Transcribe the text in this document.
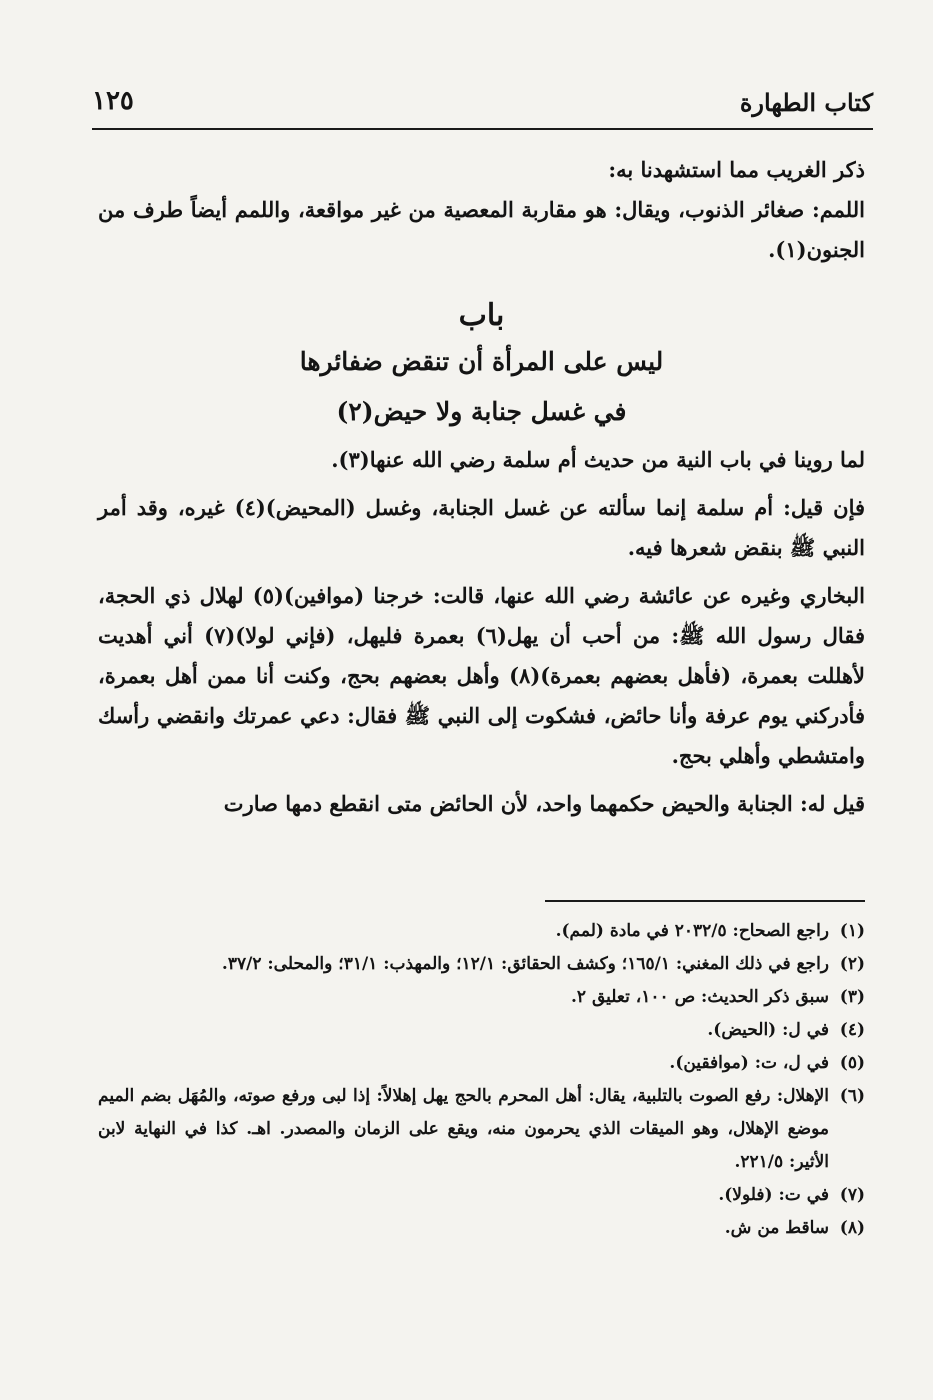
كتاب الطهارة
١٢٥

ذكر الغريب مما استشهدنا به:

اللمم: صغائر الذنوب، ويقال: هو مقاربة المعصية من غير مواقعة، واللمم أيضاً طرف من الجنون(١).

باب
ليس على المرأة أن تنقض ضفائرها
في غسل جنابة ولا حيض(٢)

لما روينا في باب النية من حديث أم سلمة رضي الله عنها(٣).

فإن قيل: أم سلمة إنما سألته عن غسل الجنابة، وغسل (المحيض)(٤) غيره، وقد أمر النبي ﷺ بنقض شعرها فيه.

البخاري وغيره عن عائشة رضي الله عنها، قالت: خرجنا (موافين)(٥) لهلال ذي الحجة، فقال رسول الله ﷺ: من أحب أن يهل(٦) بعمرة فليهل، (فإني لولا)(٧) أني أهديت لأهللت بعمرة، (فأهل بعضهم بعمرة)(٨) وأهل بعضهم بحج، وكنت أنا ممن أهل بعمرة، فأدركني يوم عرفة وأنا حائض، فشكوت إلى النبي ﷺ فقال: دعي عمرتك وانقضي رأسك وامتشطي وأهلي بحج.

قيل له: الجنابة والحيض حكمهما واحد، لأن الحائض متى انقطع دمها صارت

(١)
راجع الصحاح: ٢٠٣٢/٥ في مادة (لمم).
(٢)
راجع في ذلك المغني: ١٦٥/١؛ وكشف الحقائق: ١٢/١؛ والمهذب: ٣١/١؛ والمحلى: ٣٧/٢.
(٣)
سبق ذكر الحديث: ص ١٠٠، تعليق ٢.
(٤)
في ل: (الحيض).
(٥)
في ل، ت: (موافقين).
(٦)
الإهلال: رفع الصوت بالتلبية، يقال: أهل المحرم بالحج يهل إهلالاً: إذا لبى ورفع صوته، والمُهَل بضم الميم موضع الإهلال، وهو الميقات الذي يحرمون منه، ويقع على الزمان والمصدر. اهـ. كذا في النهاية لابن الأثير: ٢٢١/٥.
(٧)
في ت: (فلولا).
(٨)
ساقط من ش.
